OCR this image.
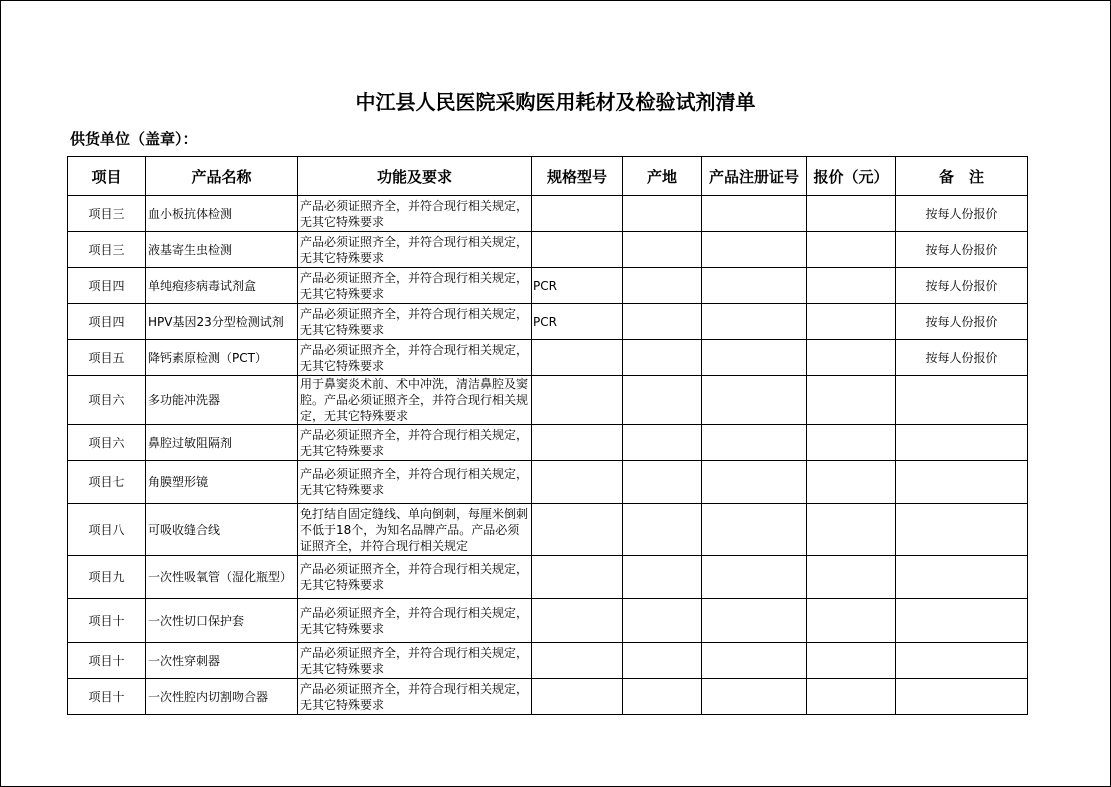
中江县人民医院采购医用耗材及检验试剂清单
供货单位（盖章）：
项目	产品名称	功能及要求	规格型号	产地	产品注册证号	报价（元）	备　注
项目三	血小板抗体检测	产品必须证照齐全，并符合现行相关规定，无其它特殊要求					按每人份报价
项目三	液基寄生虫检测	产品必须证照齐全，并符合现行相关规定，无其它特殊要求					按每人份报价
项目四	单纯疱疹病毒试剂盒	产品必须证照齐全，并符合现行相关规定，无其它特殊要求	PCR				按每人份报价
项目四	HPV基因23分型检测试剂	产品必须证照齐全，并符合现行相关规定，无其它特殊要求	PCR				按每人份报价
项目五	降钙素原检测（PCT）	产品必须证照齐全，并符合现行相关规定，无其它特殊要求					按每人份报价
项目六	多功能冲洗器	用于鼻窦炎术前、术中冲洗，清洁鼻腔及窦腔。产品必须证照齐全，并符合现行相关规定，无其它特殊要求					
项目六	鼻腔过敏阻隔剂	产品必须证照齐全，并符合现行相关规定，无其它特殊要求					
项目七	角膜塑形镜	产品必须证照齐全，并符合现行相关规定，无其它特殊要求					
项目八	可吸收缝合线	免打结自固定缝线、单向倒刺，每厘米倒刺不低于18个，为知名品牌产品。产品必须证照齐全，并符合现行相关规定					

项目九	一次性吸氧管（湿化瓶型）	产品必须证照齐全，并符合现行相关规定，无其它特殊要求					
项目十	一次性切口保护套	产品必须证照齐全，并符合现行相关规定，无其它特殊要求					
项目十	一次性穿刺器	产品必须证照齐全，并符合现行相关规定，无其它特殊要求					
项目十	一次性腔内切割吻合器	产品必须证照齐全，并符合现行相关规定，无其它特殊要求					
